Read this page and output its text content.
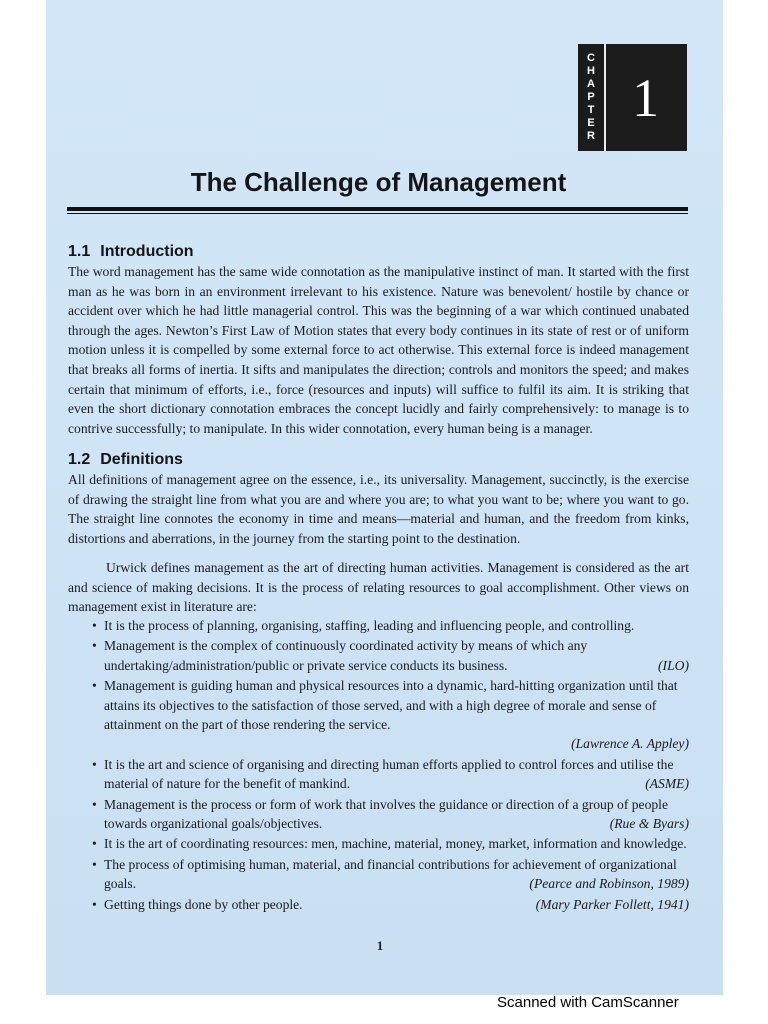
C
H
A
P
T
E
R
1
The Challenge of Management
1.1 Introduction

The word management has the same wide connotation as the manipulative instinct of man. It started with the first man as he was born in an environment irrelevant to his existence. Nature was benevolent/ hostile by chance or accident over which he had little managerial control. This was the beginning of a war which continued unabated through the ages. Newton’s First Law of Motion states that every body continues in its state of rest or of uniform motion unless it is compelled by some external force to act otherwise. This external force is indeed management that breaks all forms of inertia. It sifts and manipulates the direction; controls and monitors the speed; and makes certain that minimum of efforts, i.e., force (resources and inputs) will suffice to fulfil its aim. It is striking that even the short dictionary connotation embraces the concept lucidly and fairly comprehensively: to manage is to contrive successfully; to manipulate. In this wider connotation, every human being is a manager.

1.2 Definitions

All definitions of management agree on the essence, i.e., its universality. Management, succinctly, is the exercise of drawing the straight line from what you are and where you are; to what you want to be; where you want to go. The straight line connotes the economy in time and means—material and human, and the freedom from kinks, distortions and aberrations, in the journey from the starting point to the destination.

Urwick defines management as the art of directing human activities. Management is considered as the art and science of making decisions. It is the process of relating resources to goal accomplishment. Other views on management exist in literature are:

• It is the process of planning, organising, staffing, leading and influencing people, and controlling.
• Management is the complex of continuously coordinated activity by means of which any undertaking/administration/public or private service conducts its business.	(ILO)
• Management is guiding human and physical resources into a dynamic, hard-hitting organization until that attains its objectives to the satisfaction of those served, and with a high degree of morale and sense of attainment on the part of those rendering the service.
(Lawrence A. Appley)
• It is the art and science of organising and directing human efforts applied to control forces and utilise the material of nature for the benefit of mankind.	(ASME)
• Management is the process or form of work that involves the guidance or direction of a group of people towards organizational goals/objectives.	(Rue & Byars)
• It is the art of coordinating resources: men, machine, material, money, market, information and knowledge.
• The process of optimising human, material, and financial contributions for achievement of organizational goals.	(Pearce and Robinson, 1989)
• Getting things done by other people.	(Mary Parker Follett, 1941)
1
Scanned with CamScanner
